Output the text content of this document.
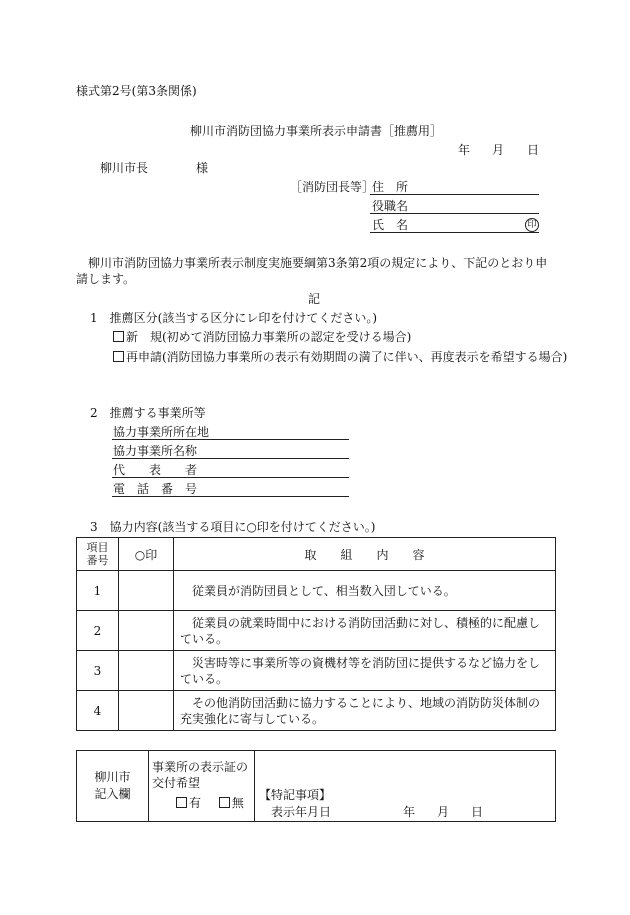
様式第2号(第3条関係)
柳川市消防団協力事業所表示申請書［推薦用］
年 月 日
柳川市長	様
［消防団長等］
住　所
役職名
氏　名	印
柳川市消防団協力事業所表示制度実施要綱第3条第2項の規定により、下記のとおり申請します。
記
1　推薦区分(該当する区分にレ印を付けてください。)
新　規(初めて消防団協力事業所の認定を受ける場合)
再申請(消防団協力事業所の表示有効期間の満了に伴い、再度表示を希望する場合)
2　推薦する事業所等
協力事業所所在地
協力事業所名称
代　　表　　者
電　話　番　号
3　協力内容(該当する項目に○印を付けてください。)
項目番号	○印	取　　組　　内　　容
1		従業員が消防団員として、相当数入団している。
2		従業員の就業時間中における消防団活動に対し、積極的に配慮している。
3		災害時等に事業所等の資機材等を消防団に提供するなど協力をしている。
4		その他消防団活動に協力することにより、地域の消防防災体制の充実強化に寄与している。
柳川市記入欄	
事業所の表示証の交付希望
有	無

【特記事項】
表示年月日	年 月 日
